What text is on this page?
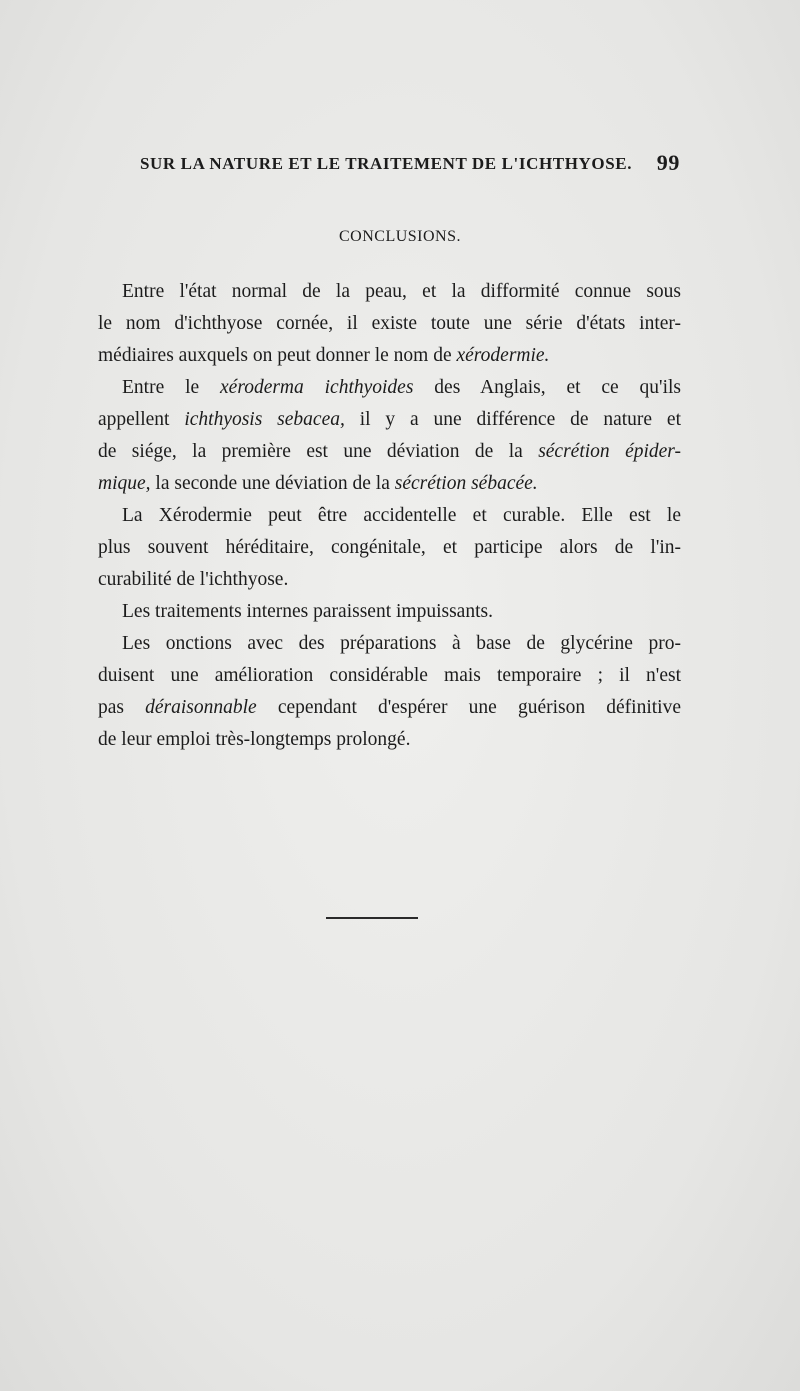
SUR LA NATURE ET LE TRAITEMENT DE L'ICHTHYOSE. 99
CONCLUSIONS.
Entre l'état normal de la peau, et la difformité connue sous
le nom d'ichthyose cornée, il existe toute une série d'états inter-
médiaires auxquels on peut donner le nom de xérodermie.
Entre le xéroderma ichthyoides des Anglais, et ce qu'ils
appellent ichthyosis sebacea, il y a une différence de nature et
de siége, la première est une déviation de la sécrétion épider-
mique, la seconde une déviation de la sécrétion sébacée.
La Xérodermie peut être accidentelle et curable. Elle est le
plus souvent héréditaire, congénitale, et participe alors de l'in-
curabilité de l'ichthyose.
Les traitements internes paraissent impuissants.
Les onctions avec des préparations à base de glycérine pro-
duisent une amélioration considérable mais temporaire ; il n'est
pas déraisonnable cependant d'espérer une guérison définitive
de leur emploi très-longtemps prolongé.
